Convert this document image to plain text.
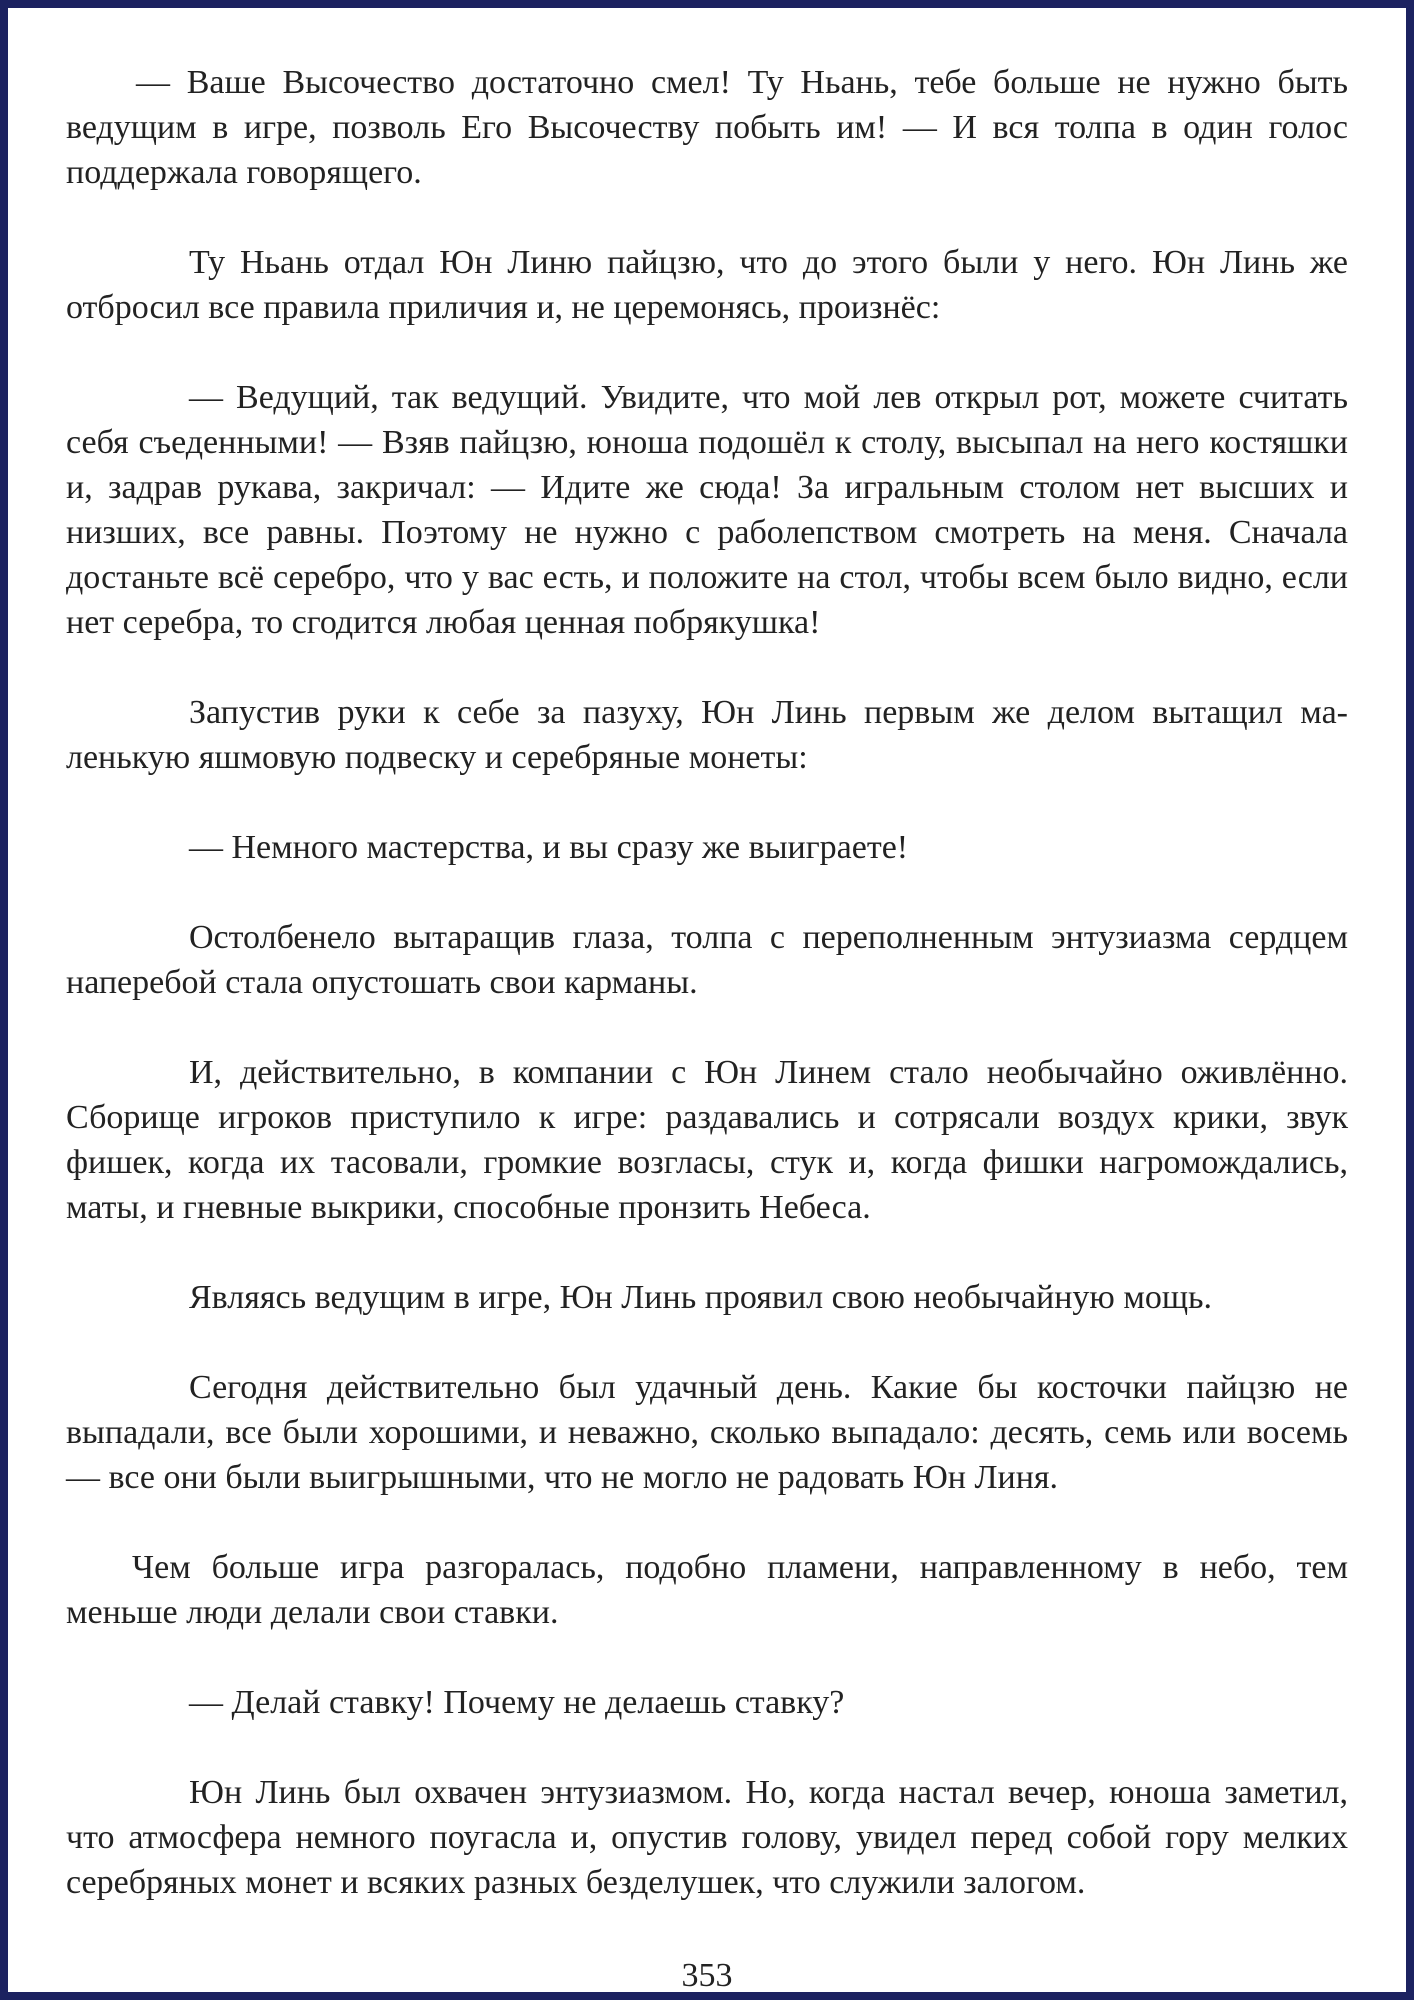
— Ваше Высочество достаточно смел! Ту Ньань, тебе больше не нужно быть ведущим в игре, позволь Его Высочеству побыть им! — И вся толпа в один голос поддержала говорящего.

Ту Ньань отдал Юн Линю пайцзю, что до этого были у него. Юн Линь же отбросил все правила приличия и, не церемонясь, произнёс:

— Ведущий, так ведущий. Увидите, что мой лев открыл рот, можете считать себя съеденными! — Взяв пайцзю, юноша подошёл к столу, высыпал на него костяшки и, задрав рукава, закричал: — Идите же сюда! За игральным столом нет высших и низших, все равны. Поэтому не нужно с раболепством смотреть на меня. Сначала достаньте всё серебро, что у вас есть, и положите на стол, чтобы всем было видно, если нет серебра, то сгодится любая ценная побрякушка!

Запустив руки к себе за пазуху, Юн Линь первым же делом вытащил маленькую яшмовую подвеску и серебряные монеты:

— Немного мастерства, и вы сразу же выиграете!

Остолбенело вытаращив глаза, толпа с переполненным энтузиазма сердцем наперебой стала опустошать свои карманы.

И, действительно, в компании с Юн Линем стало необычайно оживлённо. Сборище игроков приступило к игре: раздавались и сотрясали воздух крики, звук фишек, когда их тасовали, громкие возгласы, стук и, когда фишки нагромождались, маты, и гневные выкрики, способные пронзить Небеса.

Являясь ведущим в игре, Юн Линь проявил свою необычайную мощь.

Сегодня действительно был удачный день. Какие бы косточки пайцзю не выпадали, все были хорошими, и неважно, сколько выпадало: десять, семь или восемь — все они были выигрышными, что не могло не радовать Юн Линя.

Чем больше игра разгоралась, подобно пламени, направленному в небо, тем меньше люди делали свои ставки.

— Делай ставку! Почему не делаешь ставку?

Юн Линь был охвачен энтузиазмом. Но, когда настал вечер, юноша заметил, что атмосфера немного поугасла и, опустив голову, увидел перед собой гору мелких серебряных монет и всяких разных безделушек, что служили залогом.

353
